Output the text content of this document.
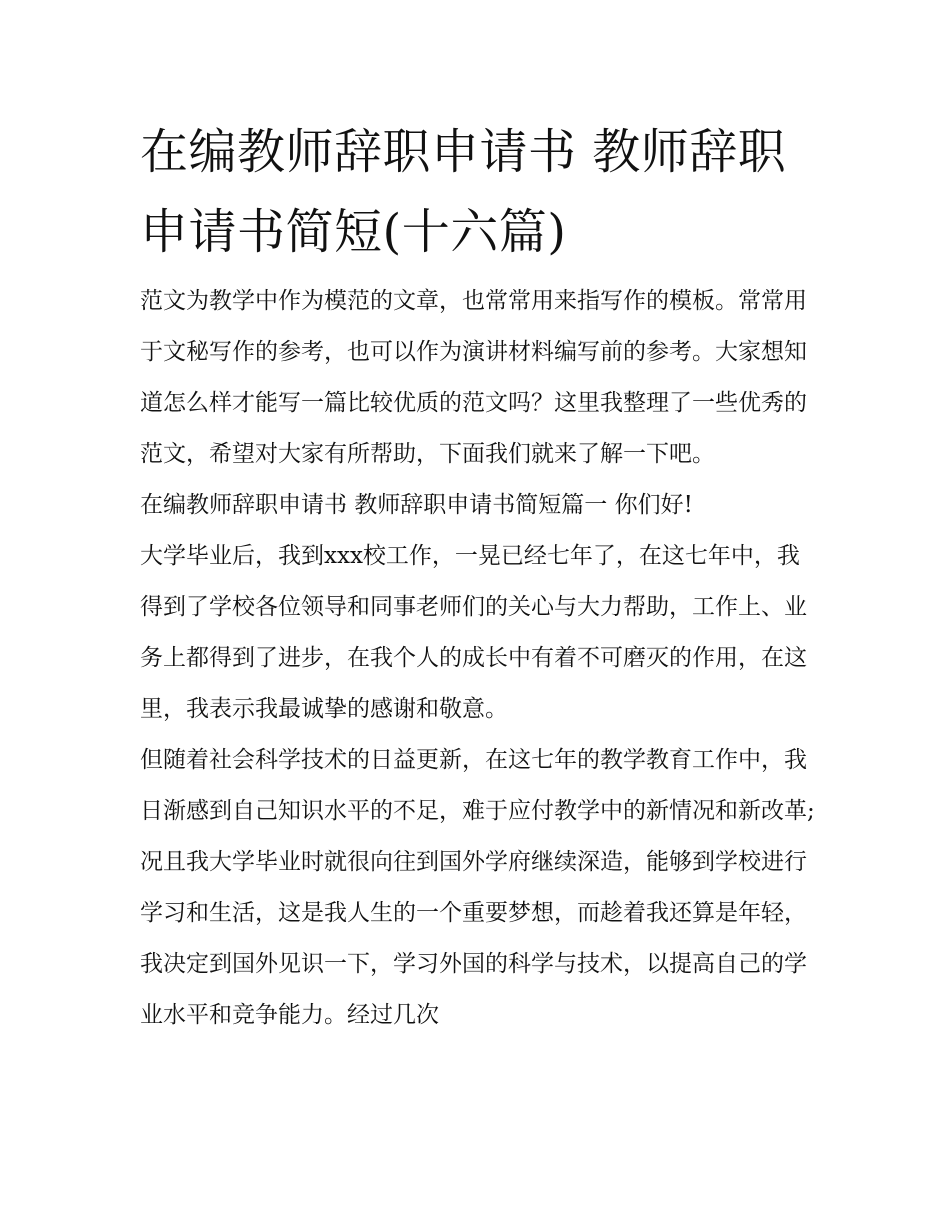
在编教师辞职申请书 教师辞职申请书简短(十六篇)

范文为教学中作为模范的文章，也常常用来指写作的模板。常常用于文秘写作的参考，也可以作为演讲材料编写前的参考。大家想知道怎么样才能写一篇比较优质的范文吗？这里我整理了一些优秀的范文，希望对大家有所帮助，下面我们就来了解一下吧。

在编教师辞职申请书 教师辞职申请书简短篇一 你们好!

大学毕业后，我到xxx校工作，一晃已经七年了，在这七年中，我得到了学校各位领导和同事老师们的关心与大力帮助，工作上、业务上都得到了进步，在我个人的成长中有着不可磨灭的作用，在这里，我表示我最诚挚的感谢和敬意。

但随着社会科学技术的日益更新，在这七年的教学教育工作中，我日渐感到自己知识水平的不足，难于应付教学中的新情况和新改革;况且我大学毕业时就很向往到国外学府继续深造，能够到学校进行学习和生活，这是我人生的一个重要梦想，而趁着我还算是年轻，我决定到国外见识一下，学习外国的科学与技术，以提高自己的学业水平和竞争能力。经过几次
